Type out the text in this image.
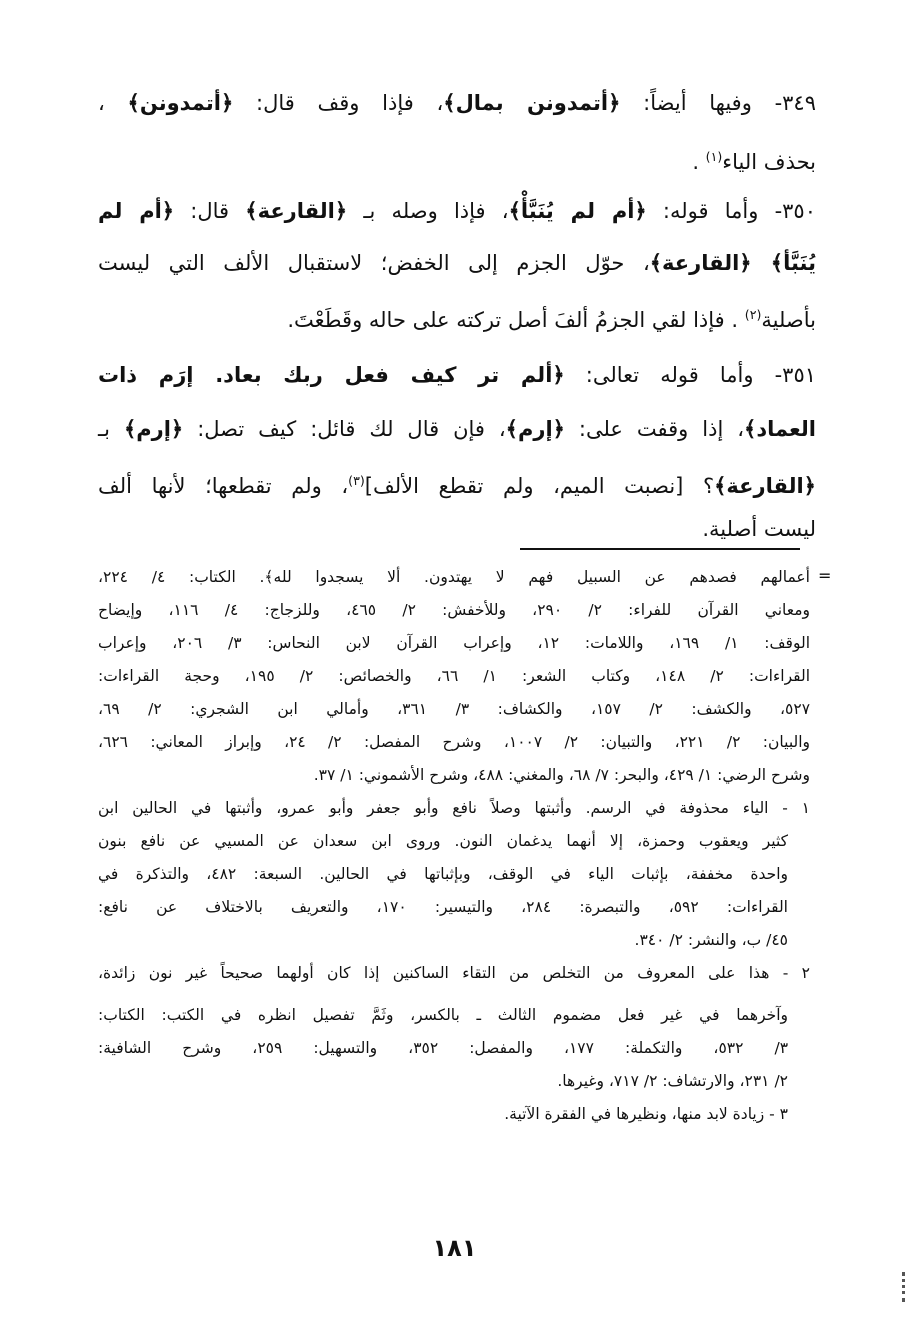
٣٤٩- وفيها أيضاً: ﴿أتمدونن بمال﴾، فإذا وقف قال: ﴿أتمدونن﴾ ،
بحذف الياء$^{(١)}$ .
٣٥٠- وأما قوله: ﴿أم لم يُنَبَّأْ﴾، فإذا وصله بـ ﴿القارعة﴾ قال: ﴿أم لم
يُنَبَّأ﴾ ﴿القارعة﴾، حوّل الجزم إلى الخفض؛ لاستقبال الألف التي ليست
بأصلية$^{(٢)}$ . فإذا لقي الجزمُ ألفَ أصل تركته على حاله وقَطَعْتَ.
٣٥١- وأما قوله تعالى: ﴿ألم تر كيف فعل ربك بعاد. إرَم ذات
العماد﴾، إذا وقفت على: ﴿إرم﴾، فإن قال لك قائل: كيف تصل: ﴿إرم﴾ بـ
﴿القارعة﴾؟ [نصبت الميم، ولم تقطع الألف]$^{(٣)}$، ولم تقطعها؛ لأنها ألف
ليست أصلية.
=
أعمالهم فصدهم عن السبيل فهم لا يهتدون. ألا يسجدوا لله﴾. الكتاب: ٤/ ٢٢٤،
ومعاني القرآن للفراء: ٢/ ٢٩٠، وللأخفش: ٢/ ٤٦٥، وللزجاج: ٤/ ١١٦، وإيضاح
الوقف: ١/ ١٦٩، واللامات: ١٢، وإعراب القرآن لابن النحاس: ٣/ ٢٠٦، وإعراب
القراءات: ٢/ ١٤٨، وكتاب الشعر: ١/ ٦٦، والخصائص: ٢/ ١٩٥، وحجة القراءات:
٥٢٧، والكشف: ٢/ ١٥٧، والكشاف: ٣/ ٣٦١، وأمالي ابن الشجري: ٢/ ٦٩،
والبيان: ٢/ ٢٢١، والتبيان: ٢/ ١٠٠٧، وشرح المفصل: ٢/ ٢٤، وإبراز المعاني: ٦٢٦،
وشرح الرضي: ١/ ٤٢٩، والبحر: ٧/ ٦٨، والمغني: ٤٨٨، وشرح الأشموني: ١/ ٣٧.
١ - الياء محذوفة في الرسم. وأثبتها وصلاً نافع وأبو جعفر وأبو عمرو، وأثبتها في الحالين ابن
كثير ويعقوب وحمزة، إلا أنهما يدغمان النون. وروى ابن سعدان عن المسيي عن نافع بنون
واحدة مخففة، بإثبات الياء في الوقف، وبإثباتها في الحالين. السبعة: ٤٨٢، والتذكرة في
القراءات: ٥٩٢، والتبصرة: ٢٨٤، والتيسير: ١٧٠، والتعريف بالاختلاف عن نافع:
٤٥/ ب، والنشر: ٢/ ٣٤٠.
٢ - هذا على المعروف من التخلص من التقاء الساكنين إذا كان أولهما صحيحاً غير نون زائدة،
وآخرهما في غير فعل مضموم الثالث ـ بالكسر، وثَمَّ تفصيل انظره في الكتب: الكتاب:
٣/ ٥٣٢، والتكملة: ١٧٧، والمفصل: ٣٥٢، والتسهيل: ٢٥٩، وشرح الشافية:
٢/ ٢٣١، والارتشاف: ٢/ ٧١٧، وغيرها.
٣ - زيادة لابد منها، ونظيرها في الفقرة الآتية.
١٨١
